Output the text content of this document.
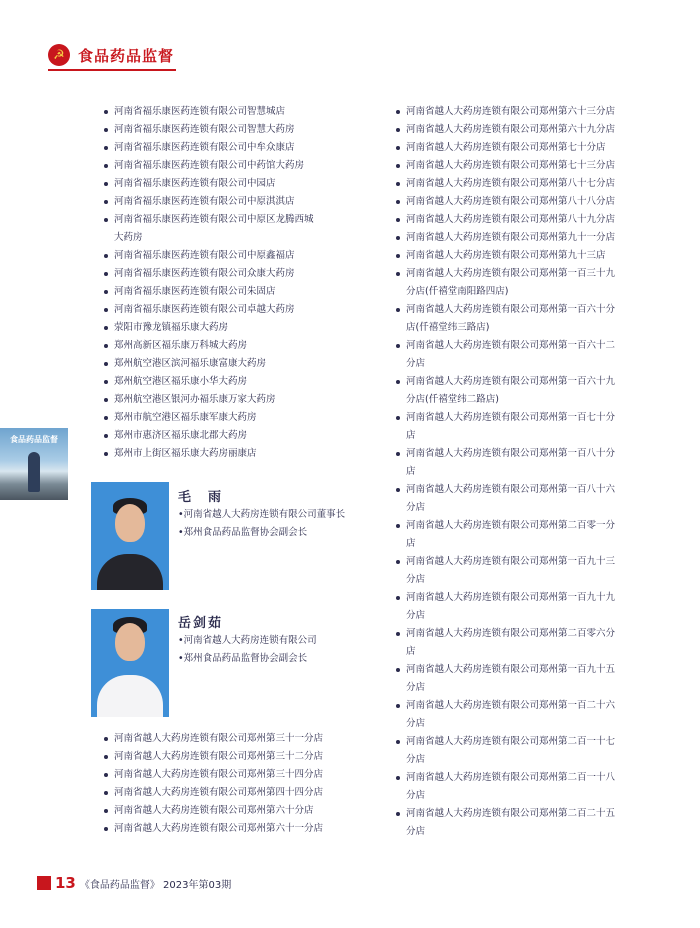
☭ 食品药品监督
食品药品监督
河南省福乐康医药连锁有限公司智慧城店
河南省福乐康医药连锁有限公司智慧大药房
河南省福乐康医药连锁有限公司中牟众康店
河南省福乐康医药连锁有限公司中药馆大药房
河南省福乐康医药连锁有限公司中园店
河南省福乐康医药连锁有限公司中原淇淇店
河南省福乐康医药连锁有限公司中原区龙腾西城
大药房
河南省福乐康医药连锁有限公司中原鑫福店
河南省福乐康医药连锁有限公司众康大药房
河南省福乐康医药连锁有限公司朱固店
河南省福乐康医药连锁有限公司卓越大药房
荥阳市豫龙镇福乐康大药房
郑州高新区福乐康万科城大药房
郑州航空港区滨河福乐康富康大药房
郑州航空港区福乐康小华大药房
郑州航空港区银河办福乐康万家大药房
郑州市航空港区福乐康军康大药房
郑州市惠济区福乐康北郡大药房
郑州市上街区福乐康大药房丽康店
毛　雨
•河南省越人大药房连锁有限公司董事长
•郑州食品药品监督协会副会长
岳剑茹
•河南省越人大药房连锁有限公司
•郑州食品药品监督协会副会长
河南省越人大药房连锁有限公司郑州第三十一分店
河南省越人大药房连锁有限公司郑州第三十二分店
河南省越人大药房连锁有限公司郑州第三十四分店
河南省越人大药房连锁有限公司郑州第四十四分店
河南省越人大药房连锁有限公司郑州第六十分店
河南省越人大药房连锁有限公司郑州第六十一分店
河南省越人大药房连锁有限公司郑州第六十三分店
河南省越人大药房连锁有限公司郑州第六十九分店
河南省越人大药房连锁有限公司郑州第七十分店
河南省越人大药房连锁有限公司郑州第七十三分店
河南省越人大药房连锁有限公司郑州第八十七分店
河南省越人大药房连锁有限公司郑州第八十八分店
河南省越人大药房连锁有限公司郑州第八十九分店
河南省越人大药房连锁有限公司郑州第九十一分店
河南省越人大药房连锁有限公司郑州第九十三店
河南省越人大药房连锁有限公司郑州第一百三十九
分店(仟禧堂南阳路四店)
河南省越人大药房连锁有限公司郑州第一百六十分
店(仟禧堂纬三路店)
河南省越人大药房连锁有限公司郑州第一百六十二
分店
河南省越人大药房连锁有限公司郑州第一百六十九
分店(仟禧堂纬二路店)
河南省越人大药房连锁有限公司郑州第一百七十分
店
河南省越人大药房连锁有限公司郑州第一百八十分
店
河南省越人大药房连锁有限公司郑州第一百八十六
分店
河南省越人大药房连锁有限公司郑州第二百零一分
店
河南省越人大药房连锁有限公司郑州第一百九十三
分店
河南省越人大药房连锁有限公司郑州第一百九十九
分店
河南省越人大药房连锁有限公司郑州第二百零六分
店
河南省越人大药房连锁有限公司郑州第一百九十五
分店
河南省越人大药房连锁有限公司郑州第一百二十六
分店
河南省越人大药房连锁有限公司郑州第二百一十七
分店
河南省越人大药房连锁有限公司郑州第二百一十八
分店
河南省越人大药房连锁有限公司郑州第二百二十五
分店
13 《食品药品监督》 2023年第03期
